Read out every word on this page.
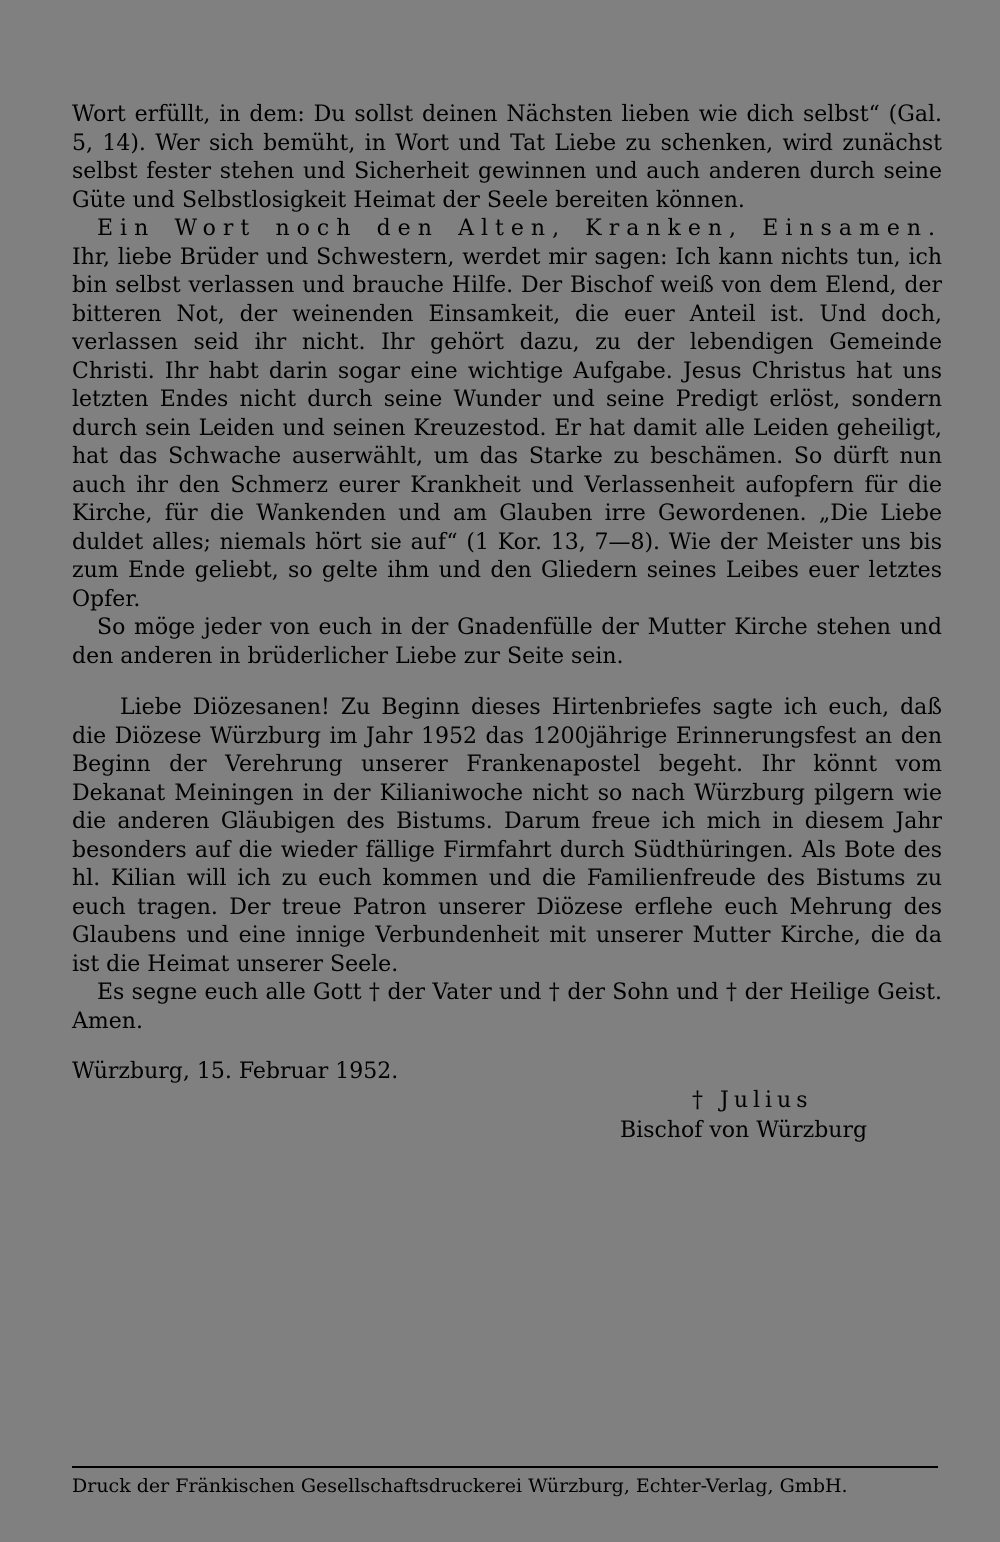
Wort erfüllt, in dem: Du sollst deinen Nächsten lieben wie dich selbst“ (Gal. 5, 14). Wer sich bemüht, in Wort und Tat Liebe zu schenken, wird zunächst selbst fester stehen und Sicherheit gewinnen und auch anderen durch seine Güte und Selbstlosigkeit Heimat der Seele bereiten können.

Ein Wort noch den Alten, Kranken, Einsamen. Ihr, liebe Brüder und Schwestern, werdet mir sagen: Ich kann nichts tun, ich bin selbst verlassen und brauche Hilfe. Der Bischof weiß von dem Elend, der bitteren Not, der weinenden Einsamkeit, die euer Anteil ist. Und doch, verlassen seid ihr nicht. Ihr gehört dazu, zu der lebendigen Gemeinde Christi. Ihr habt darin sogar eine wichtige Aufgabe. Jesus Christus hat uns letzten Endes nicht durch seine Wunder und seine Predigt erlöst, sondern durch sein Leiden und seinen Kreuzestod. Er hat damit alle Leiden geheiligt, hat das Schwache auserwählt, um das Starke zu beschämen. So dürft nun auch ihr den Schmerz eurer Krankheit und Verlassenheit aufopfern für die Kirche, für die Wankenden und am Glauben irre Gewordenen. „Die Liebe duldet alles; niemals hört sie auf“ (1 Kor. 13, 7—8). Wie der Meister uns bis zum Ende geliebt, so gelte ihm und den Gliedern seines Leibes euer letztes Opfer.

So möge jeder von euch in der Gnadenfülle der Mutter Kirche stehen und den anderen in brüderlicher Liebe zur Seite sein.

Liebe Diözesanen! Zu Beginn dieses Hirtenbriefes sagte ich euch, daß die Diözese Würzburg im Jahr 1952 das 1200jährige Erinnerungsfest an den Beginn der Verehrung unserer Frankenapostel begeht. Ihr könnt vom Dekanat Meiningen in der Kilianiwoche nicht so nach Würzburg pilgern wie die anderen Gläubigen des Bistums. Darum freue ich mich in diesem Jahr besonders auf die wieder fällige Firmfahrt durch Südthüringen. Als Bote des hl. Kilian will ich zu euch kommen und die Familienfreude des Bistums zu euch tragen. Der treue Patron unserer Diözese erflehe euch Mehrung des Glaubens und eine innige Verbundenheit mit unserer Mutter Kirche, die da ist die Heimat unserer Seele.

Es segne euch alle Gott † der Vater und † der Sohn und † der Heilige Geist. Amen.

Würzburg, 15. Februar 1952.

† Julius
Bischof von Würzburg
Druck der Fränkischen Gesellschaftsdruckerei Würzburg, Echter-Verlag, GmbH.
